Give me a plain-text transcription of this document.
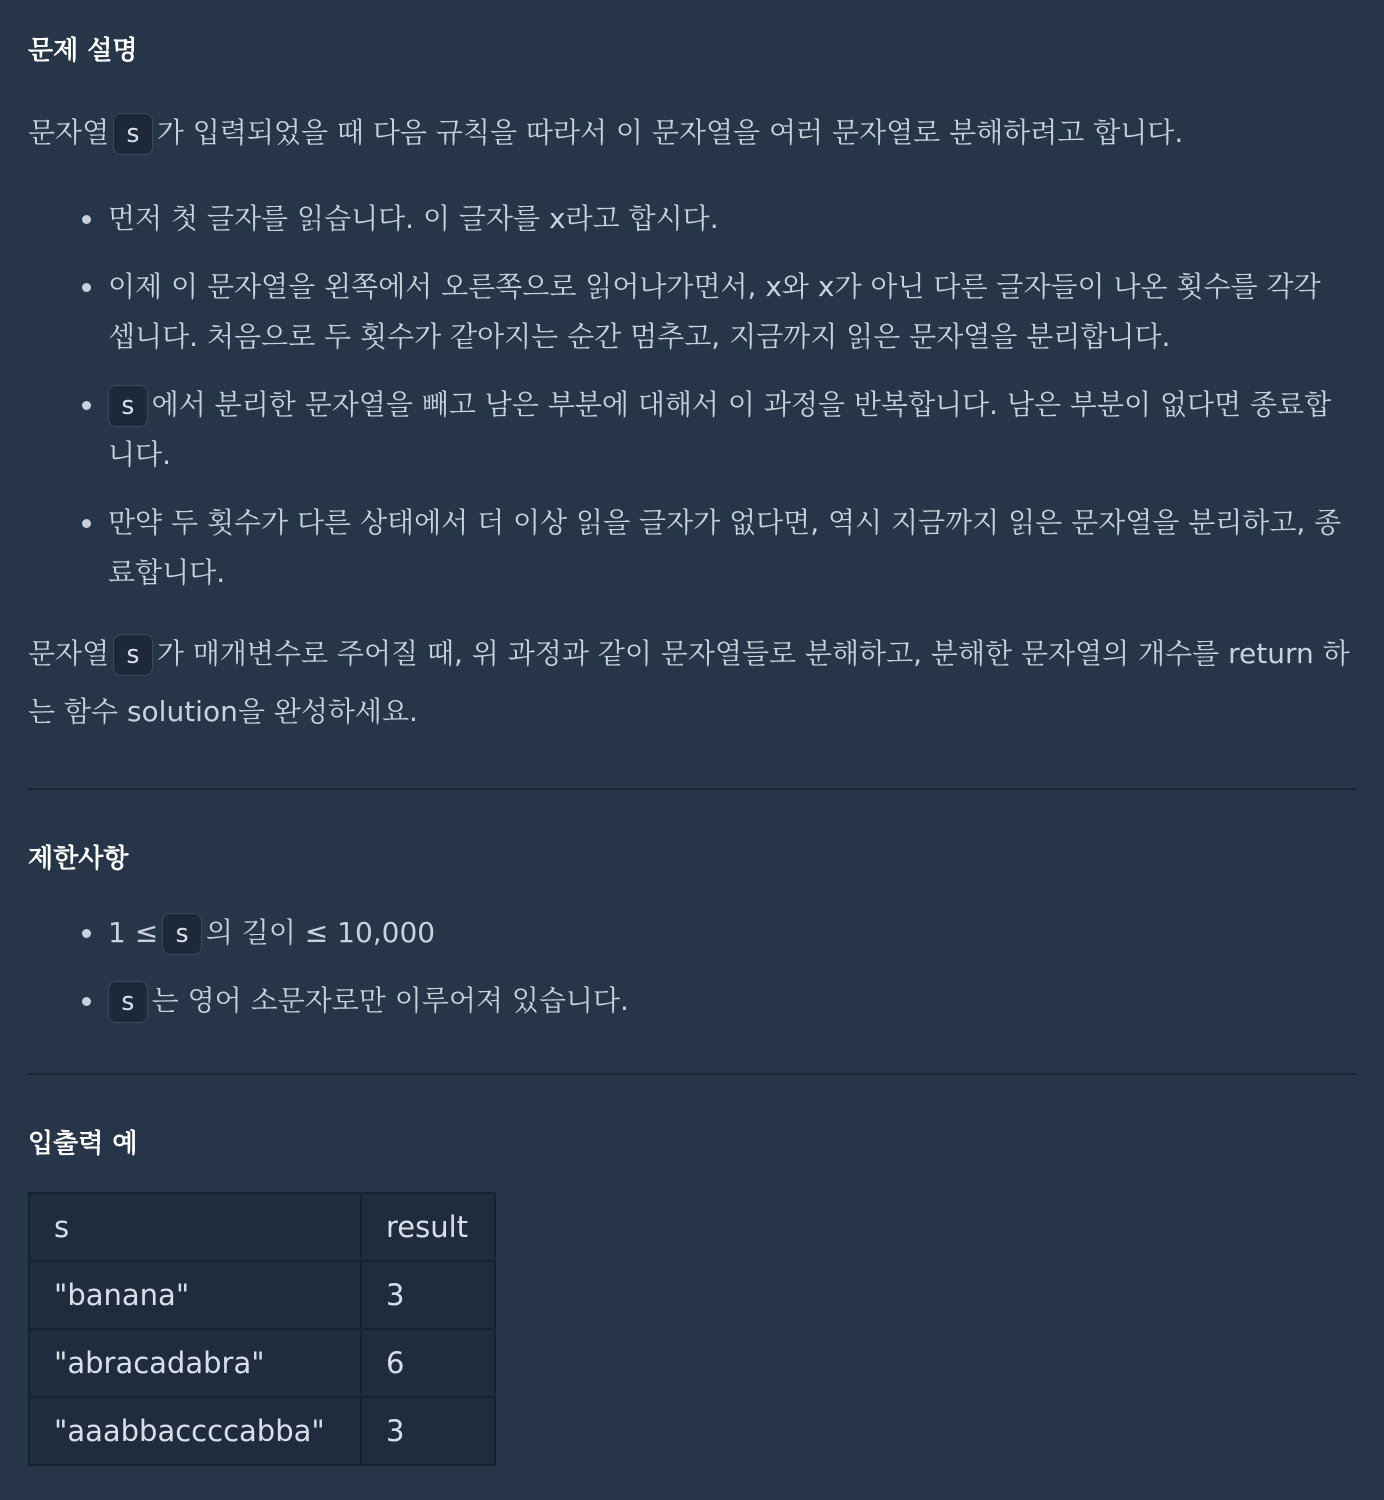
문제 설명

문자열 s 가 입력되었을 때 다음 규칙을 따라서 이 문자열을 여러 문자열로 분해하려고 합니다.

먼저 첫 글자를 읽습니다. 이 글자를 x라고 합시다.
이제 이 문자열을 왼쪽에서 오른쪽으로 읽어나가면서, x와 x가 아닌 다른 글자들이 나온 횟수를 각각 셉니다. 처음으로 두 횟수가 같아지는 순간 멈추고, 지금까지 읽은 문자열을 분리합니다.
s 에서 분리한 문자열을 빼고 남은 부분에 대해서 이 과정을 반복합니다. 남은 부분이 없다면 종료합니다.
만약 두 횟수가 다른 상태에서 더 이상 읽을 글자가 없다면, 역시 지금까지 읽은 문자열을 분리하고, 종료합니다.

문자열 s 가 매개변수로 주어질 때, 위 과정과 같이 문자열들로 분해하고, 분해한 문자열의 개수를 return 하는 함수 solution을 완성하세요.

제한사항
1 ≤ s 의 길이 ≤ 10,000
s 는 영어 소문자로만 이루어져 있습니다.
입출력 예
s	result
"banana"	3
"abracadabra"	6
"aaabbaccccabba"	3
